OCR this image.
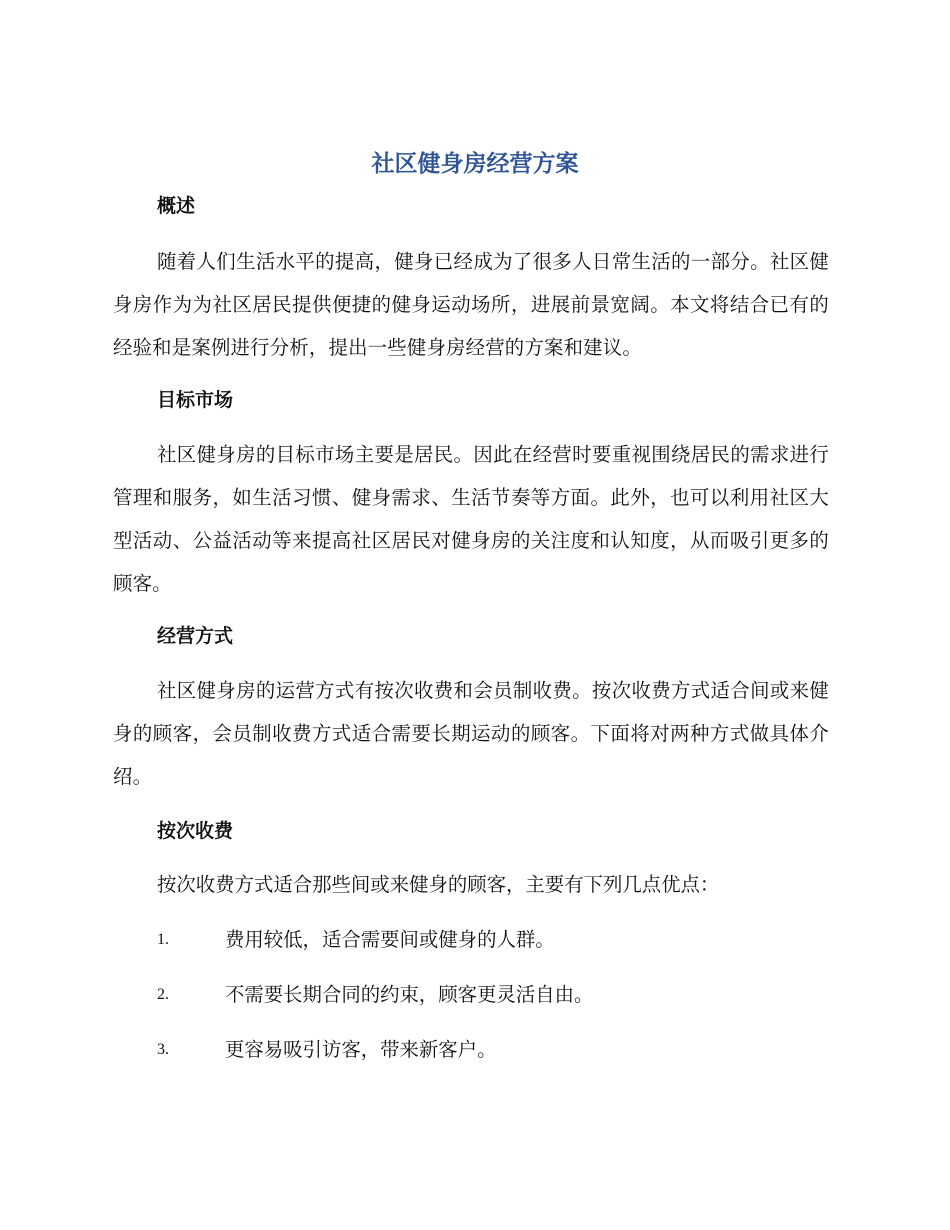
社区健身房经营方案
概述

随着人们生活水平的提高，健身已经成为了很多人日常生活的一部分。社区健身房作为为社区居民提供便捷的健身运动场所，进展前景宽阔。本文将结合已有的经验和是案例进行分析，提出一些健身房经营的方案和建议。

目标市场

社区健身房的目标市场主要是居民。因此在经营时要重视围绕居民的需求进行管理和服务，如生活习惯、健身需求、生活节奏等方面。此外，也可以利用社区大型活动、公益活动等来提高社区居民对健身房的关注度和认知度，从而吸引更多的顾客。

经营方式

社区健身房的运营方式有按次收费和会员制收费。按次收费方式适合间或来健身的顾客，会员制收费方式适合需要长期运动的顾客。下面将对两种方式做具体介绍。

按次收费

按次收费方式适合那些间或来健身的顾客，主要有下列几点优点：

1.	费用较低，适合需要间或健身的人群。
2.	不需要长期合同的约束，顾客更灵活自由。
3.	更容易吸引访客，带来新客户。
